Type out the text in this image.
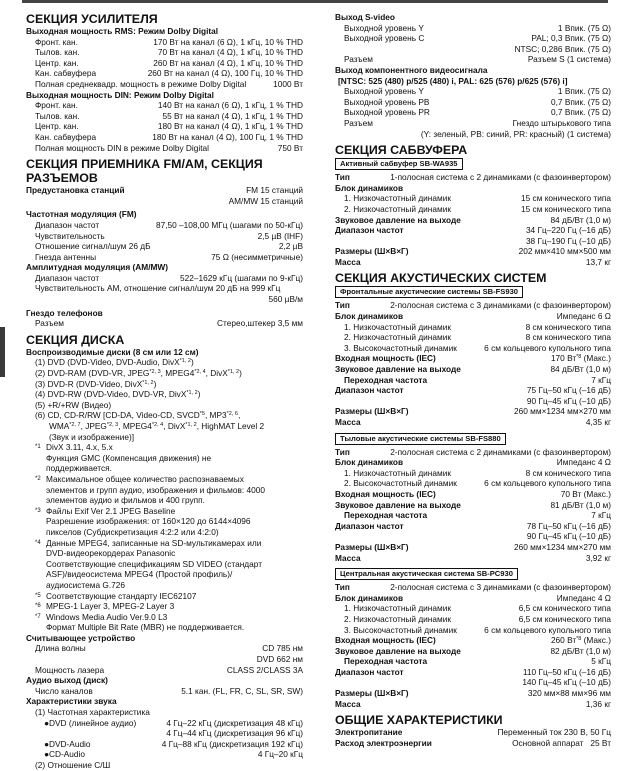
СЕКЦИЯ УСИЛИТЕЛЯ
Выходная мощность RMS: Режим Dolby Digital
Фронт. кан.	170 Вт на канал (6 Ω), 1 кГц, 10 % THD
Тылов. кан.	70 Вт на канал (4 Ω), 1 кГц, 10 % THD
Центр. кан.	260 Вт на канал (4 Ω), 1 кГц, 10 % THD
Кан. сабвуфера	260 Вт на канал (4 Ω), 100 Гц, 10 % THD
Полная среднеквадр. мощность в режиме Dolby Digital	1000 Вт
Выходная мощность DIN: Режим Dolby Digital
Фронт. кан.	140 Вт на канал (6 Ω), 1 кГц, 1 % THD
Тылов. кан.	55 Вт на канал (4 Ω), 1 кГц, 1 % THD
Центр. кан.	180 Вт на канал (4 Ω), 1 кГц, 1 % THD
Кан. сабвуфера	180 Вт на канал (4 Ω), 100 Гц, 1 % THD
Полная мощность DIN в режиме Dolby Digital	750 Вт
СЕКЦИЯ ПРИЕМНИКА FM/AM, СЕКЦИЯ РАЗЪЕМОВ
Предустановка станций	FM 15 станций
AM/MW 15 станций
Частотная модуляция (FM)
Диапазон частот	87,50 –108,00 МГц (шагами по 50-кГц)
Чувствительность	2,5 µВ (IHF)
Отношение сигнал/шум 26 дБ	2,2 µВ
Гнезда антенны	75 Ω (несимметричные)
Амплитудная модуляция (AM/MW)
Диапазон частот	522–1629 кГц (шагами по 9-кГц)
Чувствительность AM, отношение сигнал/шум 20 дБ на 999 кГц
560 µВ/м
Гнездо телефонов
Разъем	Стерео,штекер 3,5 мм
СЕКЦИЯ ДИСКА
Воспроизводимые диски (8 см или 12 см)
(1) DVD (DVD-Video, DVD-Audio, DivX$^{*1, 2}$)
(2) DVD-RAM (DVD-VR, JPEG$^{*2, 3}$, MPEG4$^{*2, 4}$, DivX$^{*1, 2}$)
(3) DVD-R (DVD-Video, DivX$^{*1, 2}$)
(4) DVD-RW (DVD-Video, DVD-VR, DivX$^{*1, 2}$)
(5) +R/+RW (Видео)
(6) CD, CD-R/RW [CD-DA, Video-CD, SVCD$^{*5}$, MP3$^{*2, 6}$,
WMA$^{*2, 7}$, JPEG$^{*2, 3}$, MPEG4$^{*2, 4}$, DivX$^{*1, 2}$, HighMAT Level 2
(Звук и изображение)]
*1 DivX 3.11, 4.x, 5.x
Функция GMC (Компенсация движения) не
поддерживается.
*2 Максимальное общее количество распознаваемых
элементов и групп аудио, изображения и фильмов: 4000
элементов аудио и фильмов и 400 групп.
*3 Файлы Exif Ver 2.1 JPEG Baseline
Разрешение изображения: от 160×120 до 6144×4096
пикселов (Субдискретизация 4:2:2 или 4:2:0)
*4 Данные MPEG4, записанные на SD-мультикамерах или
DVD-видеорекордерах Panasonic
Соответствующие спецификациям SD VIDEO (стандарт
ASF)/видеосистема MPEG4 (Простой профиль)/
аудиосистема G.726
*5 Соответствующие стандарту IEC62107
*6 MPEG-1 Layer 3, MPEG-2 Layer 3
*7 Windows Media Audio Ver.9.0 L3
Формат Multiple Bit Rate (MBR) не поддерживается.
Считывающее устройство
Длина волны	CD 785 нм
DVD 662 нм
Мощность лазера	CLASS 2/CLASS 3A
Аудио выход (диск)
Число каналов	5.1 кан. (FL, FR, C, SL, SR, SW)
Характеристики звука
(1) Частотная характеристика
●DVD (линейное аудио)	4 Гц–22 кГц (дискретизация 48 кГц)
4 Гц–44 кГц (дискретизация 96 кГц)
●DVD-Audio	4 Гц–88 кГц (дискретизация 192 кГц)
●CD-Audio	4 Гц–20 кГц
(2) Отношение С/Ш
Выход S-video
Выходной уровень Y	1 Впик. (75 Ω)
Выходной уровень C	PAL; 0,3 Впик. (75 Ω)
NTSC; 0,286 Впик. (75 Ω)
Разъем	Разъем S (1 система)
Выход компонентного видеосигнала
[NTSC: 525 (480) p/525 (480) i, PAL: 625 (576) p/625 (576) i]
Выходной уровень Y	1 Впик. (75 Ω)
Выходной уровень PB	0,7 Впик. (75 Ω)
Выходной уровень PR	0,7 Впик. (75 Ω)
Разъем	Гнездо штырькового типа
(Y: зеленый, PB: синий, PR: красный) (1 система)
СЕКЦИЯ САБВУФЕРА
Активный сабвуфер SB-WA935
Тип	1-полосная система с 2 динамиками (с фазоинвертором)
Блок динамиков
1. Низкочастотный динамик	15 см конического типа
2. Низкочастотный динамик	15 см конического типа
Звуковое давление на выходе	84 дБ/Вт (1,0 м)
Диапазон частот	34 Гц–220 Гц (–16 дБ)
38 Гц–190 Гц (–10 дБ)
Размеры (Ш×В×Г)	202 мм×410 мм×500 мм
Масса	13,7 кг
СЕКЦИЯ АКУСТИЧЕСКИХ СИСТЕМ
Фронтальные акустические системы SB-FS930
Тип	2-полосная система с 3 динамиками (с фазоинвертором)
Блок динамиков	Импеданс 6 Ω
1. Низкочастотный динамик	8 см конического типа
2. Низкочастотный динамик	8 см конического типа
3. Высокочастотный динамик	6 см кольцевого купольного типа
Входная мощность (IEC)	170 $Вт^{*8}$ (Макс.)
Звуковое давление на выходе	84 дБ/Вт (1,0 м)
Переходная частота	7 кГц
Диапазон частот	75 Гц–50 кГц (–16 дБ)
90 Гц–45 кГц (–10 дБ)
Размеры (Ш×В×Г)	260 мм×1234 мм×270 мм
Масса	4,35 кг
Тыловые акустические системы SB-FS880
Тип	2-полосная система с 2 динамиками (с фазоинвертором)
Блок динамиков	Импеданс 4 Ω
1. Низкочастотный динамик	8 см конического типа
2. Высокочастотный динамик	6 см кольцевого купольного типа
Входная мощность (IEC)	70 Вт (Макс.)
Звуковое давление на выходе	81 дБ/Вт (1,0 м)
Переходная частота	7 кГц
Диапазон частот	78 Гц–50 кГц (–16 дБ)
90 Гц–45 кГц (–10 дБ)
Размеры (Ш×В×Г)	260 мм×1234 мм×270 мм
Масса	3,92 кг
Центральная акустическая система SB-PC930
Тип	2-полосная система с 3 динамиками (с фазоинвертором)
Блок динамиков	Импеданс 4 Ω
1. Низкочастотный динамик	6,5 см конического типа
2. Низкочастотный динамик	6,5 см конического типа
3. Высокочастотный динамик	6 см кольцевого купольного типа
Входная мощность (IEC)	260 $Вт^{*8}$ (Макс.)
Звуковое давление на выходе	82 дБ/Вт (1,0 м)
Переходная частота	5 кГц
Диапазон частот	110 Гц–50 кГц (–16 дБ)
140 Гц–45 кГц (–10 дБ)
Размеры (Ш×В×Г)	320 мм×88 мм×96 мм
Масса	1,36 кг
ОБЩИЕ ХАРАКТЕРИСТИКИ
Электропитание	Переменный ток 230 В, 50 Гц
Расход электроэнергии	Основной аппарат   25 Вт
